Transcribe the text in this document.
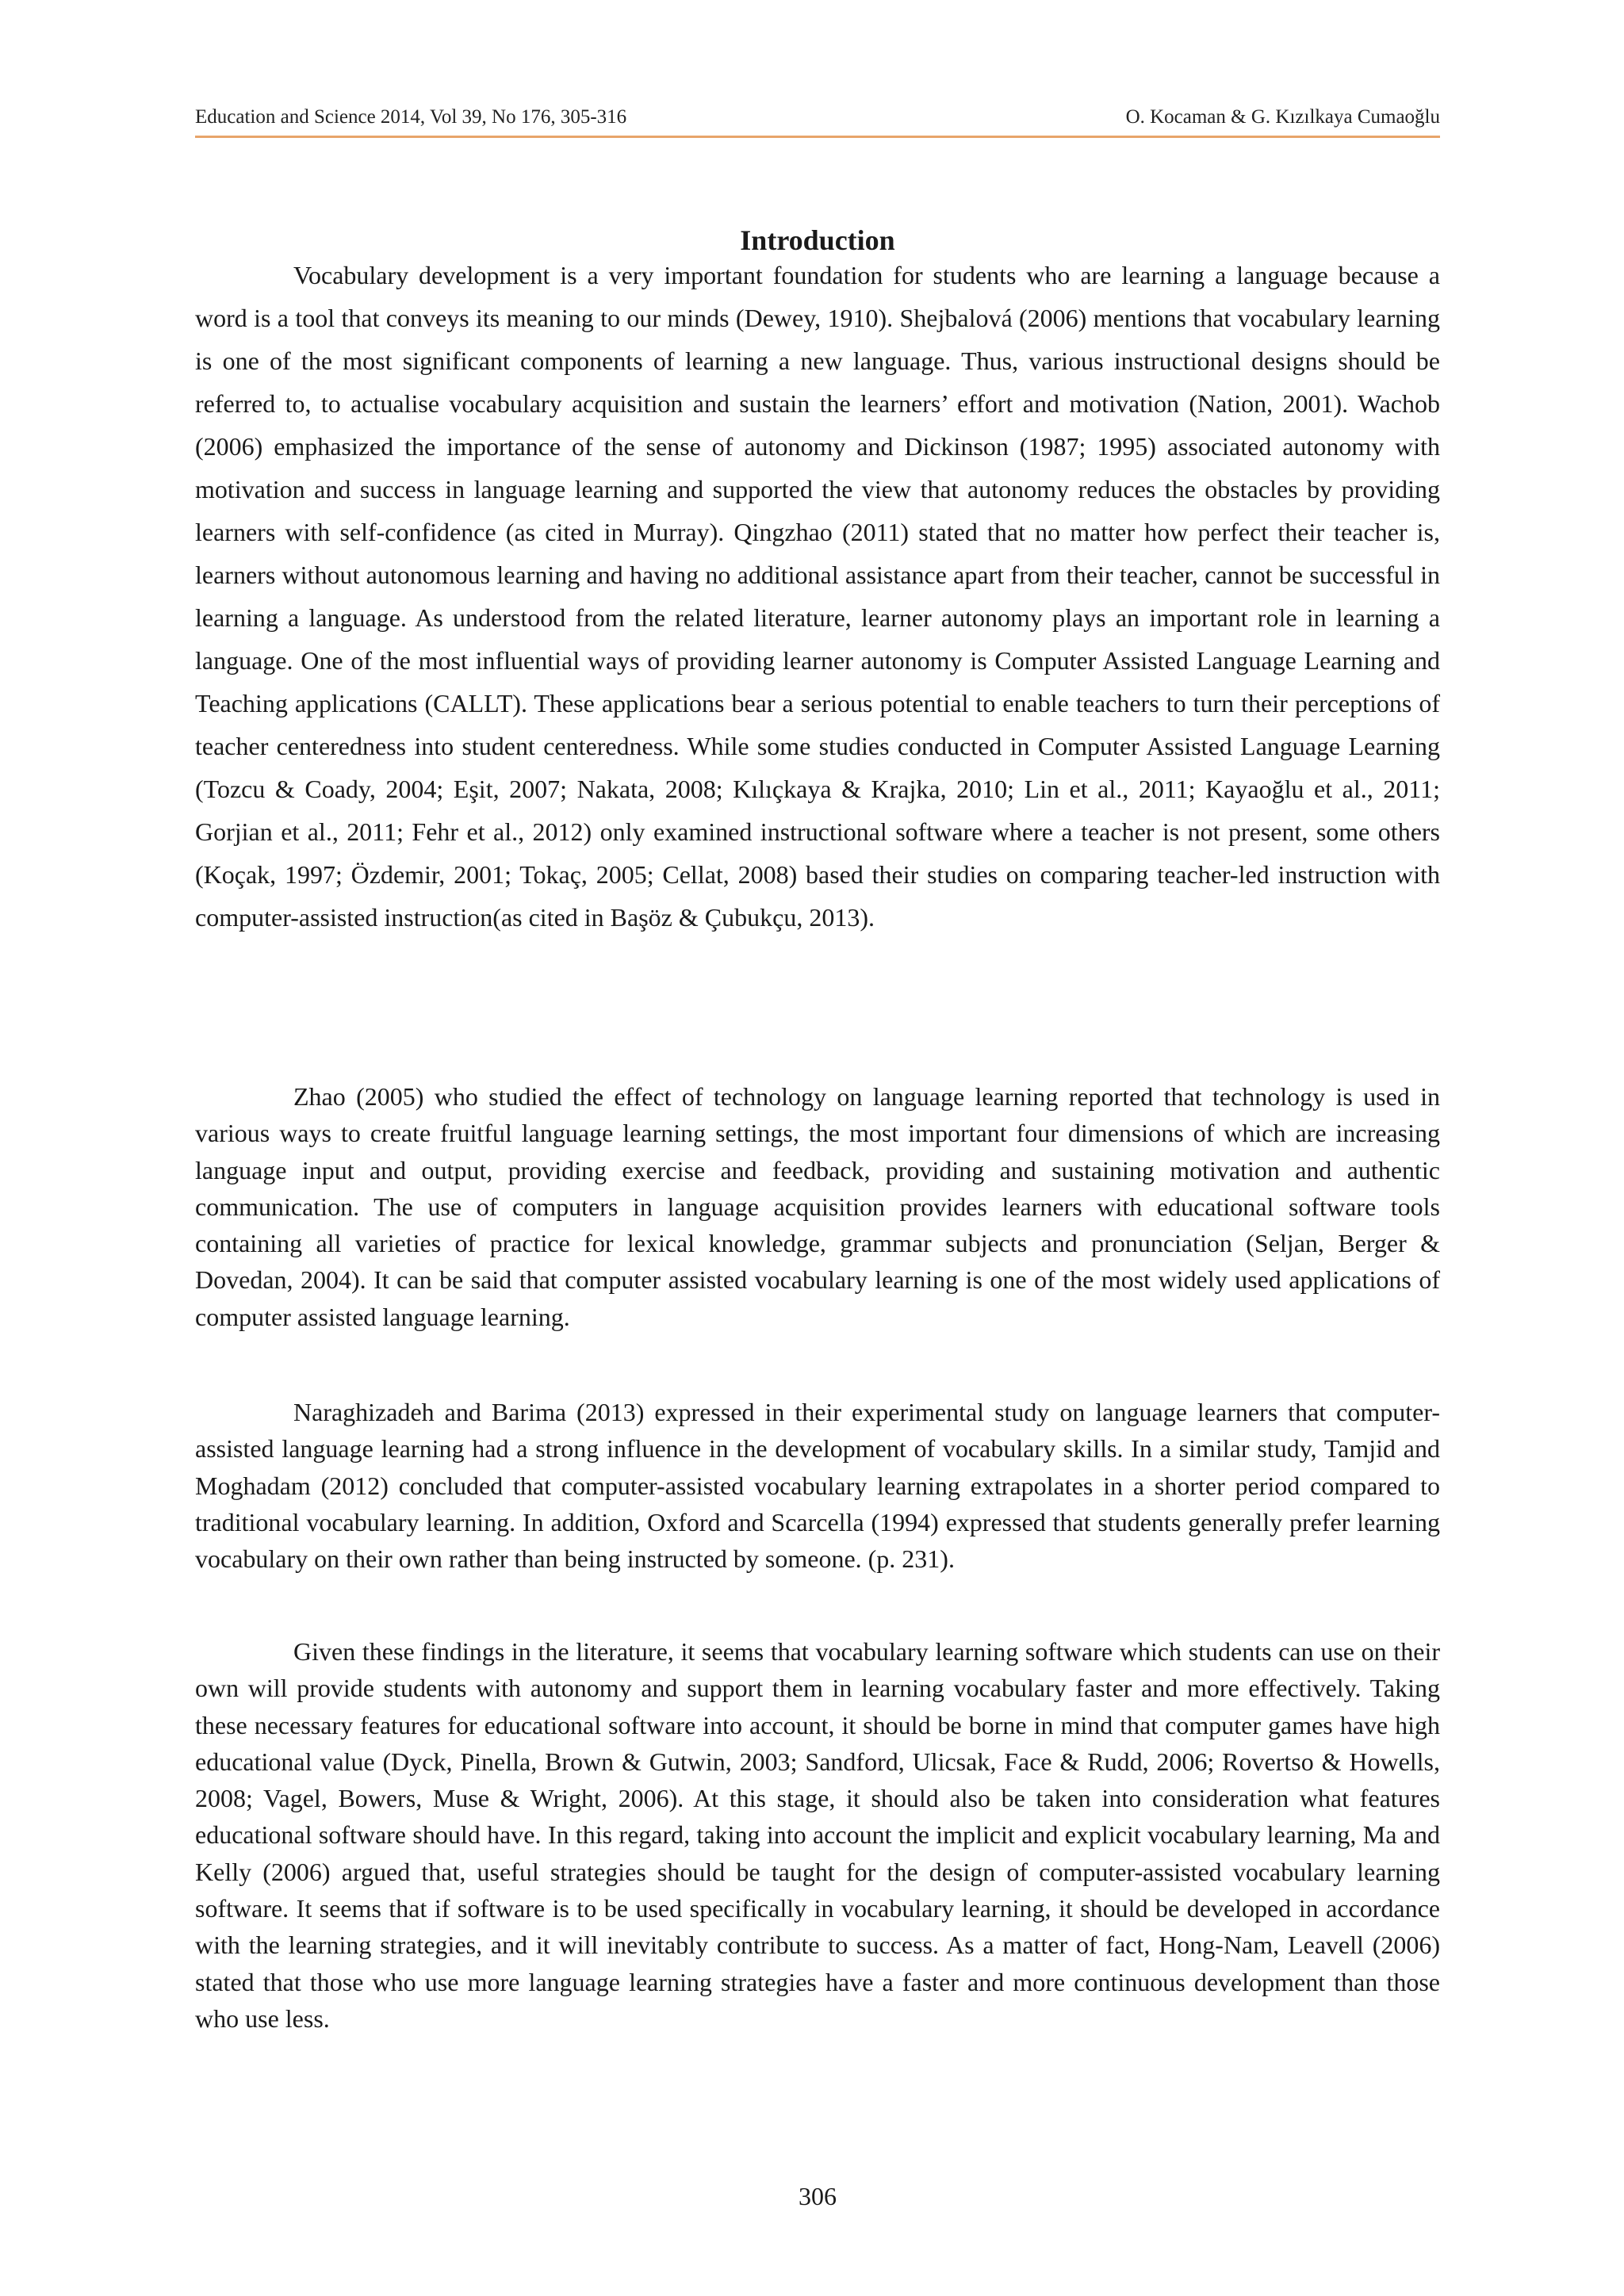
Education and Science 2014, Vol 39, No 176, 305-316	O. Kocaman & G. Kızılkaya Cumaoğlu
Introduction

Vocabulary development is a very important foundation for students who are learning a language because a word is a tool that conveys its meaning to our minds (Dewey, 1910). Shejbalová (2006) mentions that vocabulary learning is one of the most significant components of learning a new language. Thus, various instructional designs should be referred to, to actualise vocabulary acquisition and sustain the learners’ effort and motivation (Nation, 2001). Wachob (2006) emphasized the importance of the sense of autonomy and Dickinson (1987; 1995) associated autonomy with motivation and success in language learning and supported the view that autonomy reduces the obstacles by providing learners with self-confidence (as cited in Murray). Qingzhao (2011) stated that no matter how perfect their teacher is, learners without autonomous learning and having no additional assistance apart from their teacher, cannot be successful in learning a language. As understood from the related literature, learner autonomy plays an important role in learning a language. One of the most influential ways of providing learner autonomy is Computer Assisted Language Learning and Teaching applications (CALLT). These applications bear a serious potential to enable teachers to turn their perceptions of teacher centeredness into student centeredness. While some studies conducted in Computer Assisted Language Learning (Tozcu & Coady, 2004; Eşit, 2007; Nakata, 2008; Kılıçkaya & Krajka, 2010; Lin et al., 2011; Kayaoğlu et al., 2011; Gorjian et al., 2011; Fehr et al., 2012) only examined instructional software where a teacher is not present, some others (Koçak, 1997; Özdemir, 2001; Tokaç, 2005; Cellat, 2008) based their studies on comparing teacher-led instruction with computer-assisted instruction(as cited in Başöz & Çubukçu, 2013).

Zhao (2005) who studied the effect of technology on language learning reported that technology is used in various ways to create fruitful language learning settings, the most important four dimensions of which are increasing language input and output, providing exercise and feedback, providing and sustaining motivation and authentic communication. The use of computers in language acquisition provides learners with educational software tools containing all varieties of practice for lexical knowledge, grammar subjects and pronunciation (Seljan, Berger & Dovedan, 2004). It can be said that computer assisted vocabulary learning is one of the most widely used applications of computer assisted language learning.

Naraghizadeh and Barima (2013) expressed in their experimental study on language learners that computer-assisted language learning had a strong influence in the development of vocabulary skills. In a similar study, Tamjid and Moghadam (2012) concluded that computer-assisted vocabulary learning extrapolates in a shorter period compared to traditional vocabulary learning. In addition, Oxford and Scarcella (1994) expressed that students generally prefer learning vocabulary on their own rather than being instructed by someone. (p. 231).

Given these findings in the literature, it seems that vocabulary learning software which students can use on their own will provide students with autonomy and support them in learning vocabulary faster and more effectively. Taking these necessary features for educational software into account, it should be borne in mind that computer games have high educational value (Dyck, Pinella, Brown & Gutwin, 2003; Sandford, Ulicsak, Face & Rudd, 2006; Rovertso & Howells, 2008; Vagel, Bowers, Muse & Wright, 2006). At this stage, it should also be taken into consideration what features educational software should have. In this regard, taking into account the implicit and explicit vocabulary learning, Ma and Kelly (2006) argued that, useful strategies should be taught for the design of computer-assisted vocabulary learning software. It seems that if software is to be used specifically in vocabulary learning, it should be developed in accordance with the learning strategies, and it will inevitably contribute to success. As a matter of fact, Hong-Nam, Leavell (2006) stated that those who use more language learning strategies have a faster and more continuous development than those who use less.

306
